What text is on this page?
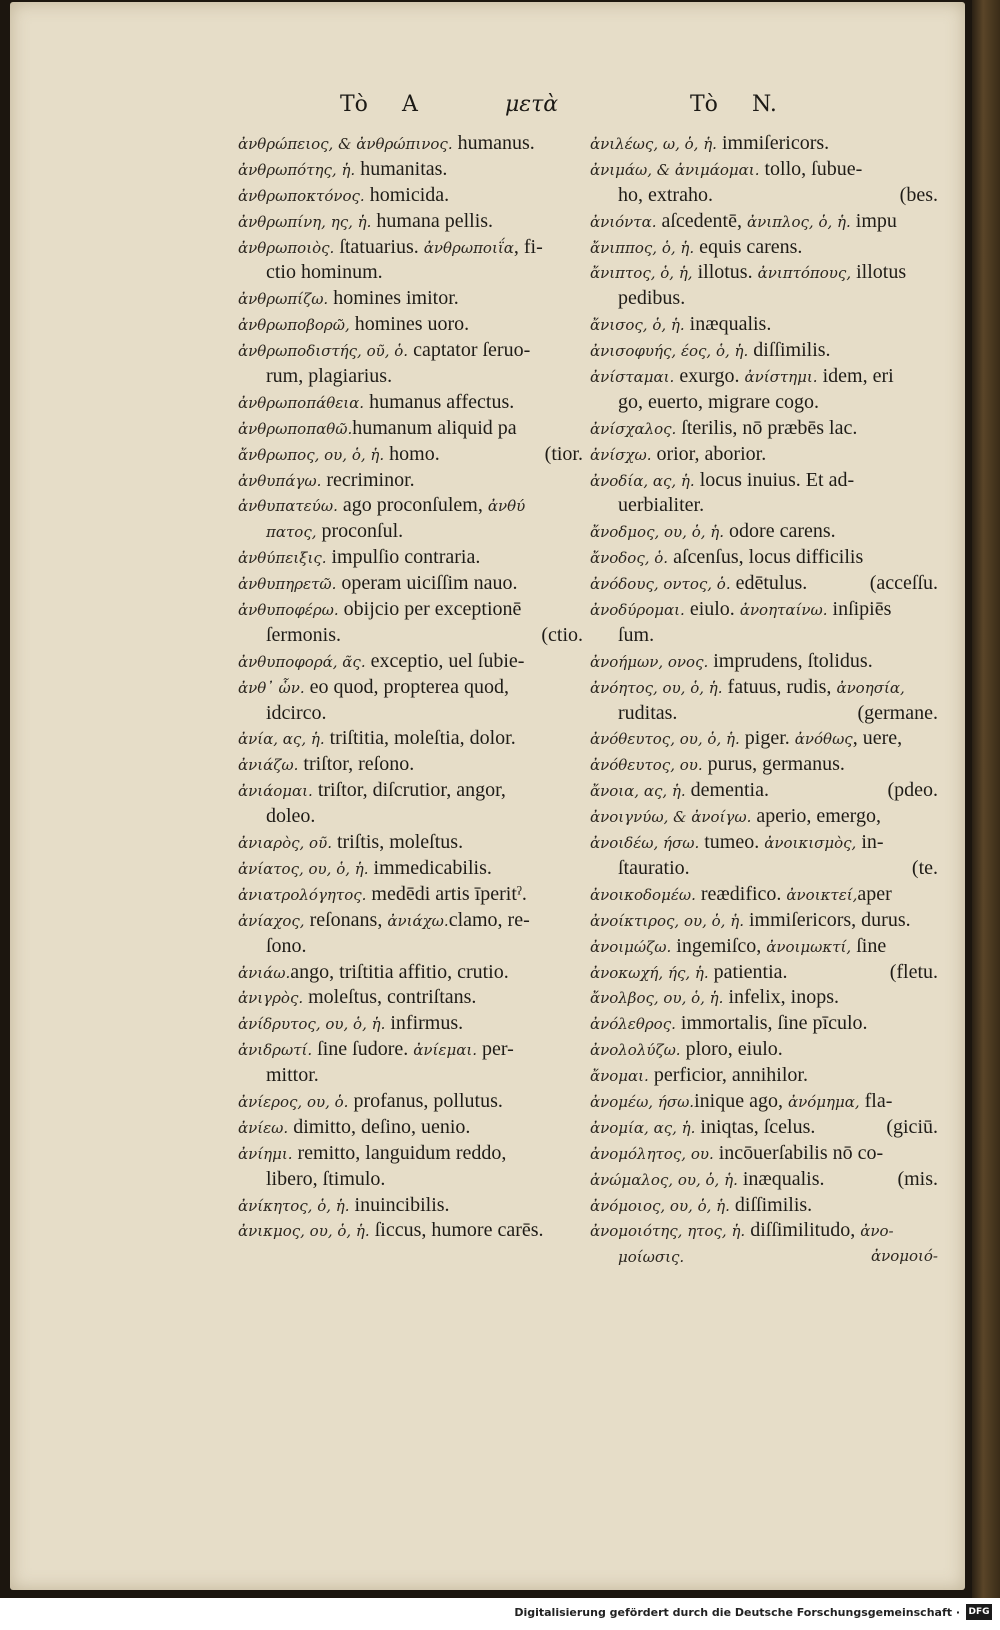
Τὸ A	μετὰ	Τὸ N.
ἀνθρώπειος, & ἀνθρώπινος. humanus.
ἀνθρωπότης, ἡ. humanitas.
ἀνθρωποκτόνος. homicida.
ἀνθρωπίνη, ης, ἡ. humana pellis.
ἀνθρωποιὸς. ſtatuarius. ἀνθρωποιΐα, fi-
ctio hominum.
ἀνθρωπίζω. homines imitor.
ἀνθρωποβορῶ, homines uoro.
ἀνθρωποδιστής, οῦ, ὁ. captator ſeruo-
rum, plagiarius.
ἀνθρωποπάθεια. humanus affectus.
ἀνθρωποπαθῶ.humanum aliquid pa
(tior.
ἄνθρωπος, ου, ὁ, ἡ. homo.
ἀνθυπάγω. recriminor.
ἀνθυπατεύω. ago proconſulem, ἀνθύ
πατος, proconſul.
ἀνθύπειξις. impulſio contraria.
ἀνθυπηρετῶ. operam uiciſſim nauo.
ἀνθυποφέρω. obijcio per exceptionē
(ctio.
ſermonis.
ἀνθυποφορά, ᾶς. exceptio, uel ſubie-
ἀνθ᾽ ὧν. eo quod, propterea quod,
idcirco.
ἀνία, ας, ἡ. triſtitia, moleſtia, dolor.
ἀνιάζω. triſtor, reſono.
ἀνιάομαι. triſtor, diſcrutior, angor,
doleo.
ἀνιαρὸς, οῦ. triſtis, moleſtus.
ἀνίατος, ου, ὁ, ἡ. immedicabilis.
ἀνιατρολόγητος. medēdi artis īperitˀ.
ἀνίαχος, reſonans, ἀνιάχω.clamo, re-
ſono.
ἀνιάω.ango, triſtitia affitio, crutio.
ἀνιγρὸς. moleſtus, contriſtans.
ἀνίδρυτος, ου, ὁ, ἡ. infirmus.
ἀνιδρωτί. ſine ſudore. ἀνίεμαι. per-
mittor.
ἀνίερος, ου, ὁ. profanus, pollutus.
ἀνίεω. dimitto, deſino, uenio.
ἀνίημι. remitto, languidum reddo,
libero, ſtimulo.
ἀνίκητος, ὁ, ἡ. inuincibilis.
ἀνικμος, ου, ὁ, ἡ. ſiccus, humore carēs.
ἀνιλέως, ω, ὁ, ἡ. immiſericors.
ἀνιμάω, & ἀνιμάομαι. tollo, ſubue-
(bes.
ho, extraho.
ἀνιόντα. aſcedentē, ἀνιπλος, ὁ, ἡ. impu
ἄνιππος, ὁ, ἡ. equis carens.
ἄνιπτος, ὁ, ἡ, illotus. ἀνιπτόπους, illotus
pedibus.
ἄνισος, ὁ, ἡ. inæqualis.
ἀνισοφυής, έος, ὁ, ἡ. diſſimilis.
ἀνίσταμαι. exurgo. ἀνίστημι. idem, eri
go, euerto, migrare cogo.
ἀνίσχαλος. ſterilis, nō præbēs lac.
ἀνίσχω. orior, aborior.
ἀνοδία, ας, ἡ. locus inuius. Et ad-
uerbialiter.
ἄνοδμος, ου, ὁ, ἡ. odore carens.
ἄνοδος, ὁ. aſcenſus, locus difficilis
(acceſſu.
ἀνόδους, οντος, ὁ. edētulus.
ἀνοδύρομαι. eiulo. ἀνοηταίνω. inſipiēs
ſum.
ἀνοήμων, ονος. imprudens, ſtolidus.
ἀνόητος, ου, ὁ, ἡ. fatuus, rudis, ἀνοησία,
(germane.
ruditas.
ἀνόθευτος, ου, ὁ, ἡ. piger. ἀνόθως, uere,
ἀνόθευτος, ου. purus, germanus.
(pdeo.
ἄνοια, ας, ἡ. dementia.
ἀνοιγνύω, & ἀνοίγω. aperio, emergo,
ἀνοιδέω, ήσω. tumeo. ἀνοικισμὸς, in-
(te.
ſtauratio.
ἀνοικοδομέω. reædifico. ἀνοικτεί,aper
ἀνοίκτιρος, ου, ὁ, ἡ. immiſericors, durus.
ἀνοιμώζω. ingemiſco, ἀνοιμωκτί, ſine
(fletu.
ἀνοκωχή, ής, ἡ. patientia.
ἄνολβος, ου, ὁ, ἡ. infelix, inops.
ἀνόλεθρος. immortalis, ſine pīculo.
ἀνολολύζω. ploro, eiulo.
ἄνομαι. perficior, annihilor.
ἀνομέω, ήσω.inique ago, ἀνόμημα, fla-
(giciū.
ἀνομία, ας, ἡ. iniqtas, ſcelus.
ἀνομόλητος, ου. incōuerſabilis nō co-
(mis.
ἀνώμαλος, ου, ὁ, ἡ. inæqualis.
ἀνόμοιος, ου, ὁ, ἡ. diſſimilis.
ἀνομοιότης, ητος, ἡ. diſſimilitudo, ἀνο-
ἀνομοιό-
μοίωσις.
Digitalisierung gefördert durch die Deutsche Forschungsgemeinschaft · DFG
